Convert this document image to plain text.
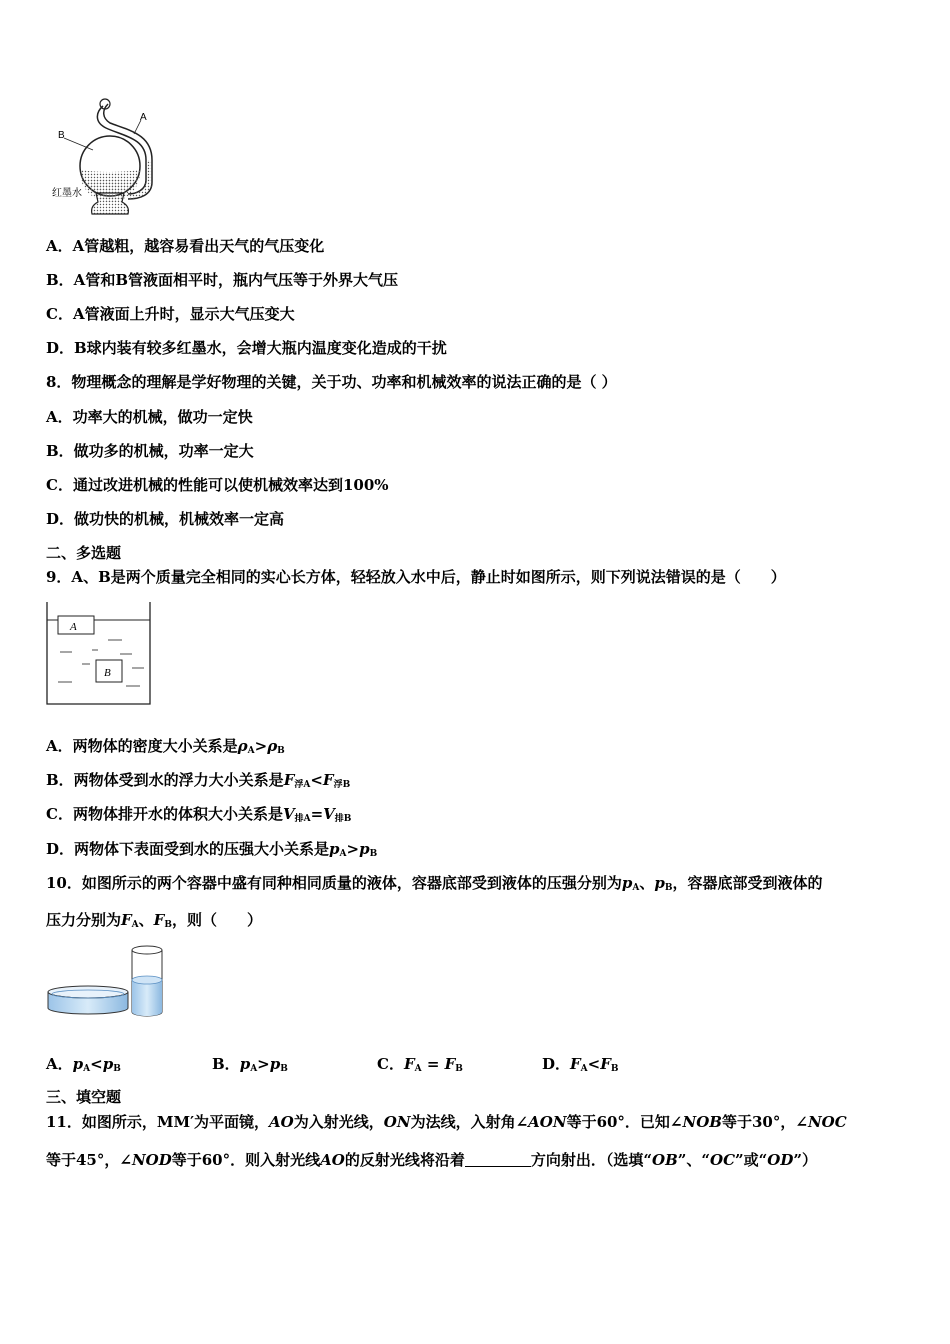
B
A
红墨水
A．A管越粗，越容易看出天气的气压变化
B．A管和B管液面相平时，瓶内气压等于外界大气压
C．A管液面上升时，显示大气压变大
D．B球内装有较多红墨水，会增大瓶内温度变化造成的干扰
8．物理概念的理解是学好物理的关键，关于功、功率和机械效率的说法正确的是（ ）
A．功率大的机械，做功一定快
B．做功多的机械，功率一定大
C．通过改进机械的性能可以使机械效率达到100%
D．做功快的机械，机械效率一定高
二、多选题
9．A、B是两个质量完全相同的实心长方体，轻轻放入水中后，静止时如图所示，则下列说法错误的是（　　）
A
B
A．两物体的密度大小关系是$\rho_A>\rho_B$
B．两物体受到水的浮力大小关系是$F_{浮A}<F_{浮B}$
C．两物体排开水的体积大小关系是$V_{排A}=V_{排B}$
D．两物体下表面受到水的压强大小关系是$p_A>p_B$
10．如图所示的两个容器中盛有同种相同质量的液体，容器底部受到液体的压强分别为$p_A$、$p_B$，容器底部受到液体的
压力分别为$F_A$、$F_B$，则（　　）
A．$p_A<p_B$	B．$p_A>p_B$	C．$F_A = F_B$	D．$F_A<F_B$
三、填空题
11．如图所示，MM′为平面镜，AO为入射光线，ON为法线，入射角∠AON等于60°．已知∠NOB等于30°，∠NOC
等于45°，∠NOD等于60°．则入射光线AO的反射光线将沿着	方向射出．（选填“OB”、“OC”或“OD”）
